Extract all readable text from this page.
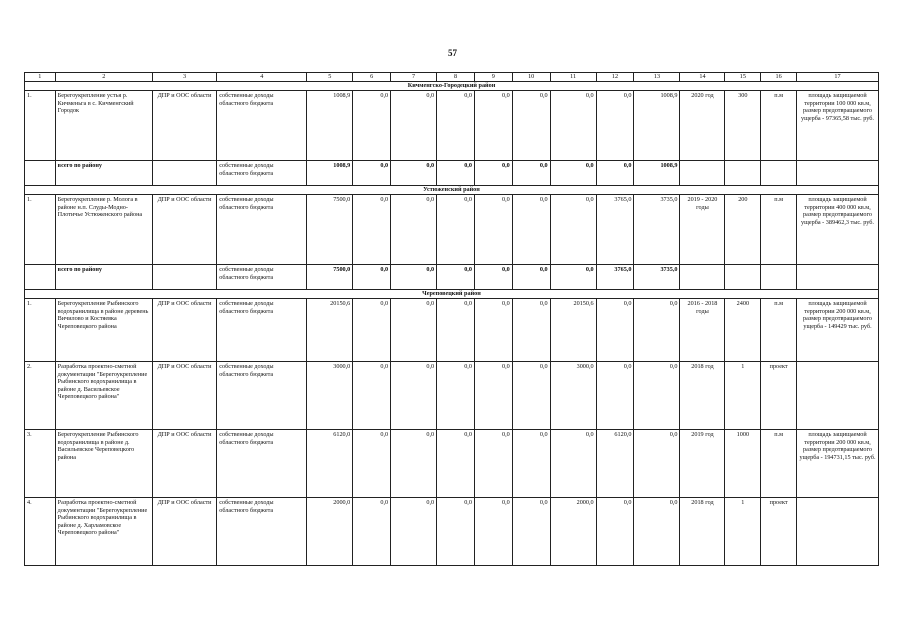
57
1	2	3	4	5	6	7	8	9	10	11	12	13	14	15	16	17
Кичменгско-Городецкий район																
1.	Берегоукрепление устья р. Кичменьга в с. Кичменгский Городок	ДПР и ООС области	собственные доходы областного бюджета	1008,9	0,0	0,0	0,0	0,0	0,0	0,0	0,0	1008,9	2020 год	300	п.м	площадь защищаемой территории 100 000 кв.м, размер предотвращаемого ущерба - 97365,58 тыс. руб.
	всего по району		собственные доходы областного бюджета	1008,9	0,0	0,0	0,0	0,0	0,0	0,0	0,0	1008,9				
Устюженский район																
1.	Берегоукрепление р. Молога в районе н.п. Слуды-Модно-Плотичье Устюженского района	ДПР и ООС области	собственные доходы областного бюджета	7500,0	0,0	0,0	0,0	0,0	0,0	0,0	3765,0	3735,0	2019 - 2020 годы	200	п.м	площадь защищаемой территории 400 000 кв.м, размер предотвращаемого ущерба - 389462,3 тыс. руб.
	всего по району		собственные доходы областного бюджета	7500,0	0,0	0,0	0,0	0,0	0,0	0,0	3765,0	3735,0				
Череповецкий район																
1.	Берегоукрепление Рыбинского водохранилища в районе деревень Вичилово и Костяевка Череповецкого района	ДПР и ООС области	собственные доходы областного бюджета	20150,6	0,0	0,0	0,0	0,0	0,0	20150,6	0,0	0,0	2016 - 2018 годы	2400	п.м	площадь защищаемой территории 200 000 кв.м, размер предотвращаемого ущерба - 149429 тыс. руб.
2.	Разработка проектно-сметной документации "Берегоукрепление Рыбинского водохранилища в районе д. Васильевское Череповецкого района"	ДПР и ООС области	собственные доходы областного бюджета	3000,0	0,0	0,0	0,0	0,0	0,0	3000,0	0,0	0,0	2018 год	1	проект	
3.	Берегоукрепление Рыбинского водохранилища в районе д. Васильевское Череповецкого района	ДПР и ООС области	собственные доходы областного бюджета	6120,0	0,0	0,0	0,0	0,0	0,0	0,0	6120,0	0,0	2019 год	1000	п.м	площадь защищаемой территории 200 000 кв.м, размер предотвращаемого ущерба - 194731,15 тыс. руб.
4.	Разработка проектно-сметной документации "Берегоукрепление Рыбинского водохранилища в районе д. Харламовское Череповецкого района"	ДПР и ООС области	собственные доходы областного бюджета	2000,0	0,0	0,0	0,0	0,0	0,0	2000,0	0,0	0,0	2018 год	1	проект	
